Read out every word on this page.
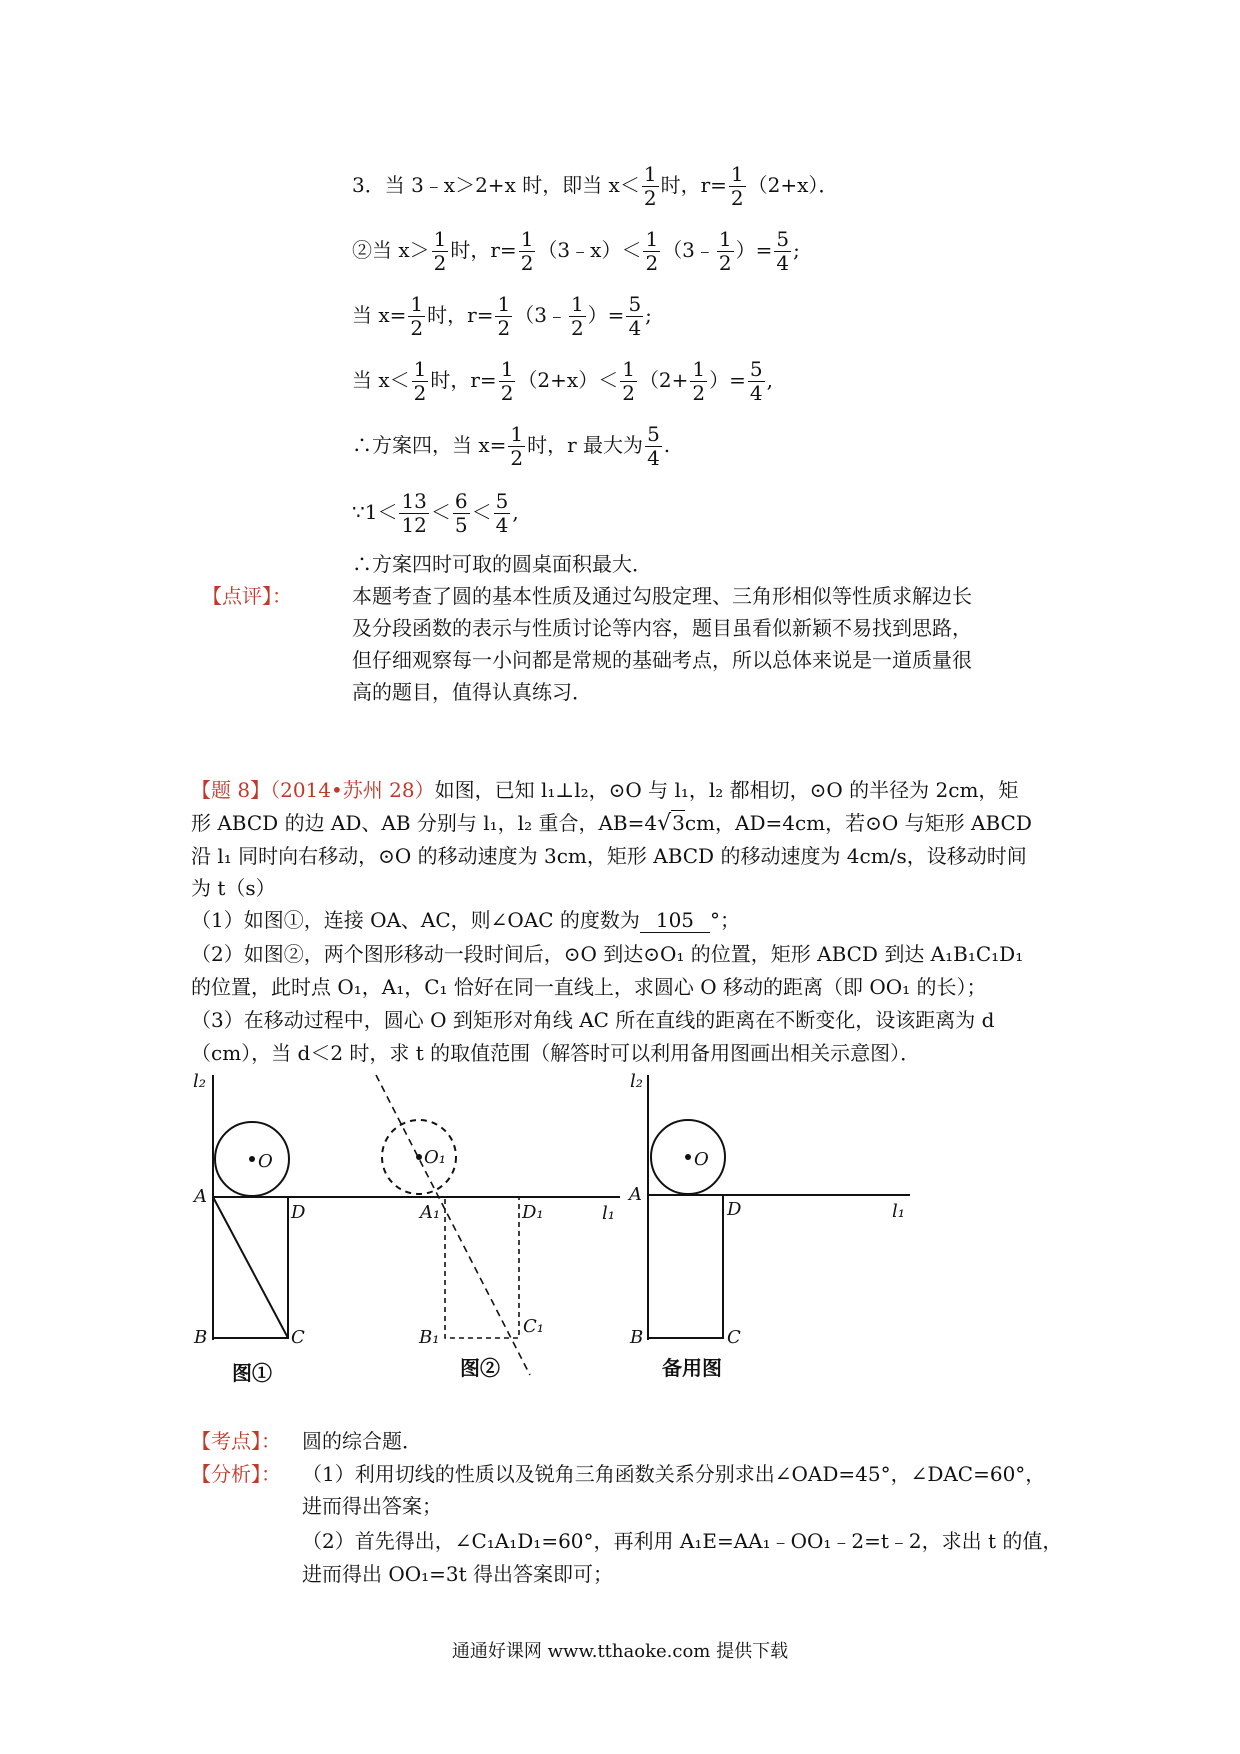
3．当 3﹣x＞2+x 时，即当 $x< \frac{1}{2}$ 时，$r= \frac{1}{2} (2+x)$．
②当 $x> \frac{1}{2}$ 时，$r= \frac{1}{2}$ （3﹣x）＜ $\frac{1}{2}$ （3﹣ $\frac{1}{2}$ ）= $\frac{5}{4}$ ;
当 $x= \frac{1}{2}$ 时，$r= \frac{1}{2}$ （3﹣ $\frac{1}{2}$ ）= $\frac{5}{4}$ ;
当 $x< \frac{1}{2}$ 时，$r= \frac{1}{2} (2+x)< \frac{1}{2} (2+ \frac{1}{2}$ ）= $\frac{5}{4}$ ,
∴方案四，当 $x= \frac{1}{2}$ 时，r 最大为 $\frac{5}{4}$ .
∵1＜ $\frac{13}{12} < \frac{6}{5} < \frac{5}{4}$ ,
∴方案四时可取的圆桌面积最大．
【点评】：	本题考查了圆的基本性质及通过勾股定理、三角形相似等性质求解边长
及分段函数的表示与性质讨论等内容，题目虽看似新颖不易找到思路，
但仔细观察每一小问都是常规的基础考点，所以总体来说是一道质量很
高的题目，值得认真练习．
【题 8】（2014•苏州 28）如图，已知 l₁⊥l₂，⊙O 与 l₁，l₂ 都相切，⊙O 的半径为 2cm，矩
形 ABCD 的边 AD、AB 分别与 l₁，l₂ 重合，AB=4√3cm，AD=4cm，若⊙O 与矩形 ABCD
沿 l₁ 同时向右移动，⊙O 的移动速度为 3cm，矩形 ABCD 的移动速度为 4cm/s，设移动时间
为 t（s）
（1）如图①，连接 OA、AC，则∠OAC 的度数为 105 °；
（2）如图②，两个图形移动一段时间后，⊙O 到达⊙O₁ 的位置，矩形 ABCD 到达 A₁B₁C₁D₁
的位置，此时点 O₁，A₁，C₁ 恰好在同一直线上，求圆心 O 移动的距离（即 OO₁ 的长）；
（3）在移动过程中，圆心 O 到矩形对角线 AC 所在直线的距离在不断变化，设该距离为 d
（cm），当 d＜2 时，求 t 的取值范围（解答时可以利用备用图画出相关示意图）．
l₂
O
A
D
B	C
O₁
A₁	D₁	l₁
B₁
C₁
l₂
O
A
D	l₁
B	C
图①	图②	备用图
【考点】： 圆的综合题．
【分析】： （1）利用切线的性质以及锐角三角函数关系分别求出∠OAD=45°，∠DAC=60°，
进而得出答案；
（2）首先得出，∠C₁A₁D₁=60°，再利用 A₁E=AA₁﹣OO₁﹣2=t﹣2，求出 t 的值，
进而得出 OO₁=3t 得出答案即可；
通通好课网 www.tthaoke.com 提供下载
